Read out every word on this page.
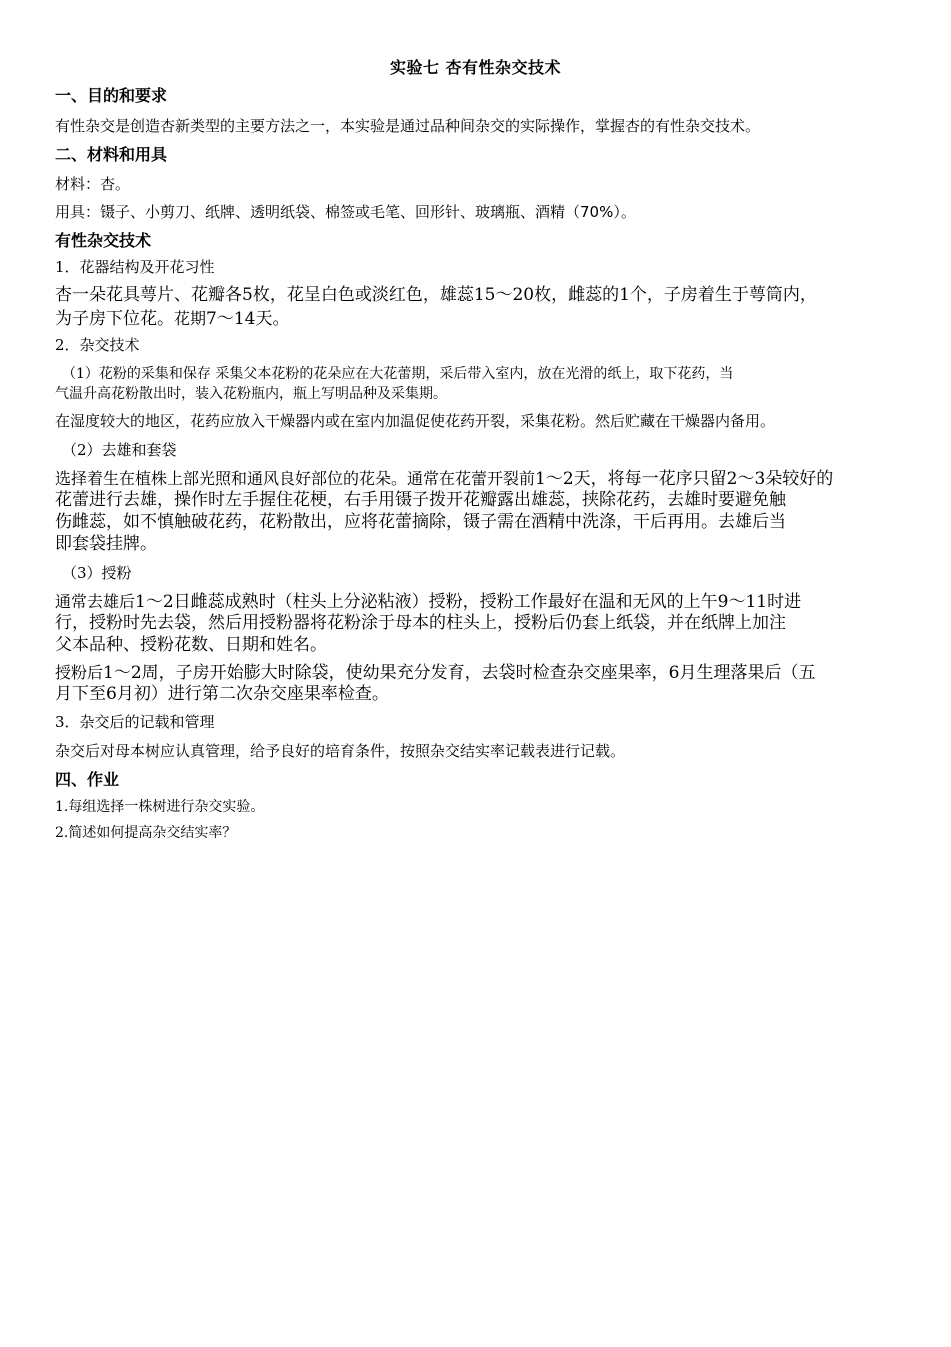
实验七 杏有性杂交技术
一、目的和要求
有性杂交是创造杏新类型的主要方法之一，本实验是通过品种间杂交的实际操作，掌握杏的有性杂交技术。
二、材料和用具
材料：杏。
用具：镊子、小剪刀、纸牌、透明纸袋、棉签或毛笔、回形针、玻璃瓶、酒精（70%）。
有性杂交技术
1．花器结构及开花习性
杏一朵花具萼片、花瓣各5枚，花呈白色或淡红色，雄蕊15～20枚，雌蕊的1个，子房着生于萼筒内，
为子房下位花。花期7～14天。
2．杂交技术
（1）花粉的采集和保存 采集父本花粉的花朵应在大花蕾期，采后带入室内，放在光滑的纸上，取下花药，当
气温升高花粉散出时，装入花粉瓶内，瓶上写明品种及采集期。
在湿度较大的地区，花药应放入干燥器内或在室内加温促使花药开裂，采集花粉。然后贮藏在干燥器内备用。
（2）去雄和套袋
选择着生在植株上部光照和通风良好部位的花朵。通常在花蕾开裂前1～2天，将每一花序只留2～3朵较好的
花蕾进行去雄，操作时左手握住花梗，右手用镊子拨开花瓣露出雄蕊，挟除花药，去雄时要避免触
伤雌蕊，如不慎触破花药，花粉散出，应将花蕾摘除，镊子需在酒精中洗涤，干后再用。去雄后当
即套袋挂牌。
（3）授粉
通常去雄后1～2日雌蕊成熟时（柱头上分泌粘液）授粉，授粉工作最好在温和无风的上午9～11时进
行，授粉时先去袋，然后用授粉器将花粉涂于母本的柱头上，授粉后仍套上纸袋，并在纸牌上加注
父本品种、授粉花数、日期和姓名。
授粉后1～2周，子房开始膨大时除袋，使幼果充分发育，去袋时检查杂交座果率，6月生理落果后（五
月下至6月初）进行第二次杂交座果率检查。
3．杂交后的记载和管理
杂交后对母本树应认真管理，给予良好的培育条件，按照杂交结实率记载表进行记载。
四、作业
1.每组选择一株树进行杂交实验。
2.简述如何提高杂交结实率？
